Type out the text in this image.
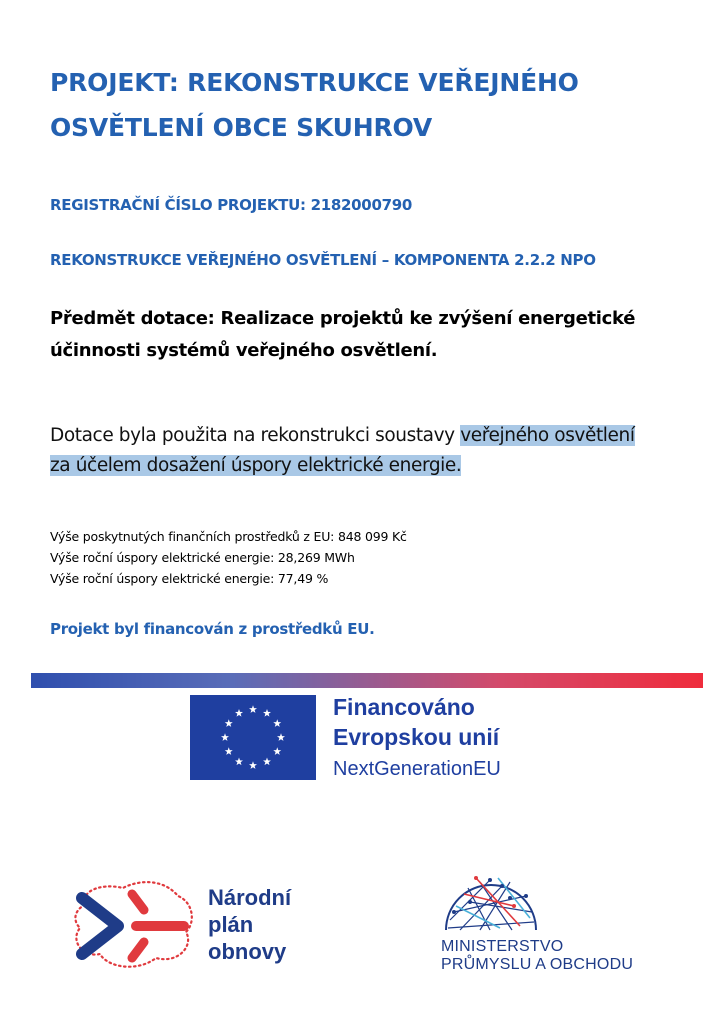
PROJEKT: REKONSTRUKCE VEŘEJNÉHO
OSVĚTLENÍ OBCE SKUHROV
REGISTRAČNÍ ČÍSLO PROJEKTU: 2182000790
REKONSTRUKCE VEŘEJNÉHO OSVĚTLENÍ – KOMPONENTA 2.2.2 NPO
Předmět dotace: Realizace projektů ke zvýšení energetické
účinnosti systémů veřejného osvětlení.
Dotace byla použita na rekonstrukci soustavy veřejného osvětlení
za účelem dosažení úspory elektrické energie.
Výše poskytnutých finančních prostředků z EU: 848 099 Kč
Výše roční úspory elektrické energie: 28,269 MWh
Výše roční úspory elektrické energie: 77,49 %
Projekt byl financován z prostředků EU.
Financováno
Evropskou unií
NextGenerationEU
Národní
plán
obnovy	MINISTERSTVO
PRŮMYSLU A OBCHODU
